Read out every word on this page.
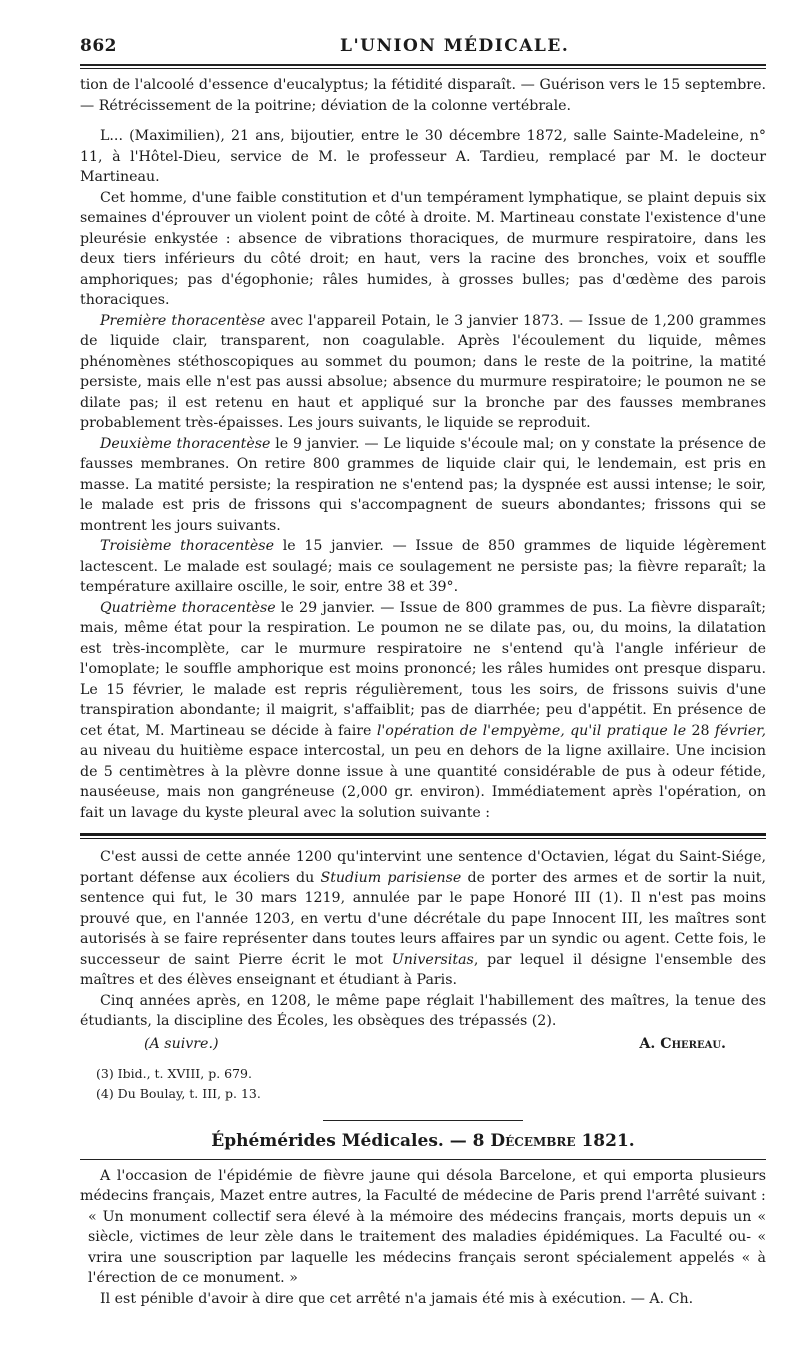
862	L'UNION MÉDICALE.

tion de l'alcoolé d'essence d'eucalyptus; la fétidité disparaît. — Guérison vers le 15 septembre. — Rétrécissement de la poitrine; déviation de la colonne vertébrale.

L... (Maximilien), 21 ans, bijoutier, entre le 30 décembre 1872, salle Sainte-Madeleine, n° 11, à l'Hôtel-Dieu, service de M. le professeur A. Tardieu, remplacé par M. le docteur Martineau.

Cet homme, d'une faible constitution et d'un tempérament lymphatique, se plaint depuis six semaines d'éprouver un violent point de côté à droite. M. Martineau constate l'existence d'une pleurésie enkystée : absence de vibrations thoraciques, de murmure respiratoire, dans les deux tiers inférieurs du côté droit; en haut, vers la racine des bronches, voix et souffle amphoriques; pas d'égophonie; râles humides, à grosses bulles; pas d'œdème des parois thoraciques.

Première thoracentèse avec l'appareil Potain, le 3 janvier 1873. — Issue de 1,200 grammes de liquide clair, transparent, non coagulable. Après l'écoulement du liquide, mêmes phénomènes stéthoscopiques au sommet du poumon; dans le reste de la poitrine, la matité persiste, mais elle n'est pas aussi absolue; absence du murmure respiratoire; le poumon ne se dilate pas; il est retenu en haut et appliqué sur la bronche par des fausses membranes probablement très-épaisses. Les jours suivants, le liquide se reproduit.

Deuxième thoracentèse le 9 janvier. — Le liquide s'écoule mal; on y constate la présence de fausses membranes. On retire 800 grammes de liquide clair qui, le lendemain, est pris en masse. La matité persiste; la respiration ne s'entend pas; la dyspnée est aussi intense; le soir, le malade est pris de frissons qui s'accompagnent de sueurs abondantes; frissons qui se montrent les jours suivants.

Troisième thoracentèse le 15 janvier. — Issue de 850 grammes de liquide légèrement lactescent. Le malade est soulagé; mais ce soulagement ne persiste pas; la fièvre reparaît; la température axillaire oscille, le soir, entre 38 et 39°.

Quatrième thoracentèse le 29 janvier. — Issue de 800 grammes de pus. La fièvre disparaît; mais, même état pour la respiration. Le poumon ne se dilate pas, ou, du moins, la dilatation est très-incomplète, car le murmure respiratoire ne s'entend qu'à l'angle inférieur de l'omoplate; le souffle amphorique est moins prononcé; les râles humides ont presque disparu. Le 15 février, le malade est repris régulièrement, tous les soirs, de frissons suivis d'une transpiration abondante; il maigrit, s'affaiblit; pas de diarrhée; peu d'appétit. En présence de cet état, M. Martineau se décide à faire l'opération de l'empyème, qu'il pratique le 28 février, au niveau du huitième espace intercostal, un peu en dehors de la ligne axillaire. Une incision de 5 centimètres à la plèvre donne issue à une quantité considérable de pus à odeur fétide, nauséeuse, mais non gangréneuse (2,000 gr. environ). Immédiatement après l'opération, on fait un lavage du kyste pleural avec la solution suivante :

C'est aussi de cette année 1200 qu'intervint une sentence d'Octavien, légat du Saint-Siége, portant défense aux écoliers du Studium parisiense de porter des armes et de sortir la nuit, sentence qui fut, le 30 mars 1219, annulée par le pape Honoré III (1). Il n'est pas moins prouvé que, en l'année 1203, en vertu d'une décrétale du pape Innocent III, les maîtres sont autorisés à se faire représenter dans toutes leurs affaires par un syndic ou agent. Cette fois, le successeur de saint Pierre écrit le mot Universitas, par lequel il désigne l'ensemble des maîtres et des élèves enseignant et étudiant à Paris.

Cinq années après, en 1208, le même pape réglait l'habillement des maîtres, la tenue des étudiants, la discipline des Écoles, les obsèques des trépassés (2).

(A suivre.)	A. Chereau.

(3) Ibid., t. XVIII, p. 679.

(4) Du Boulay, t. III, p. 13.

Éphémérides Médicales. — 8 Décembre 1821.

A l'occasion de l'épidémie de fièvre jaune qui désola Barcelone, et qui emporta plusieurs médecins français, Mazet entre autres, la Faculté de médecine de Paris prend l'arrêté suivant :

« Un monument collectif sera élevé à la mémoire des médecins français, morts depuis un « siècle, victimes de leur zèle dans le traitement des maladies épidémiques. La Faculté ou- « vrira une souscription par laquelle les médecins français seront spécialement appelés « à l'érection de ce monument. »

Il est pénible d'avoir à dire que cet arrêté n'a jamais été mis à exécution. — A. Ch.
